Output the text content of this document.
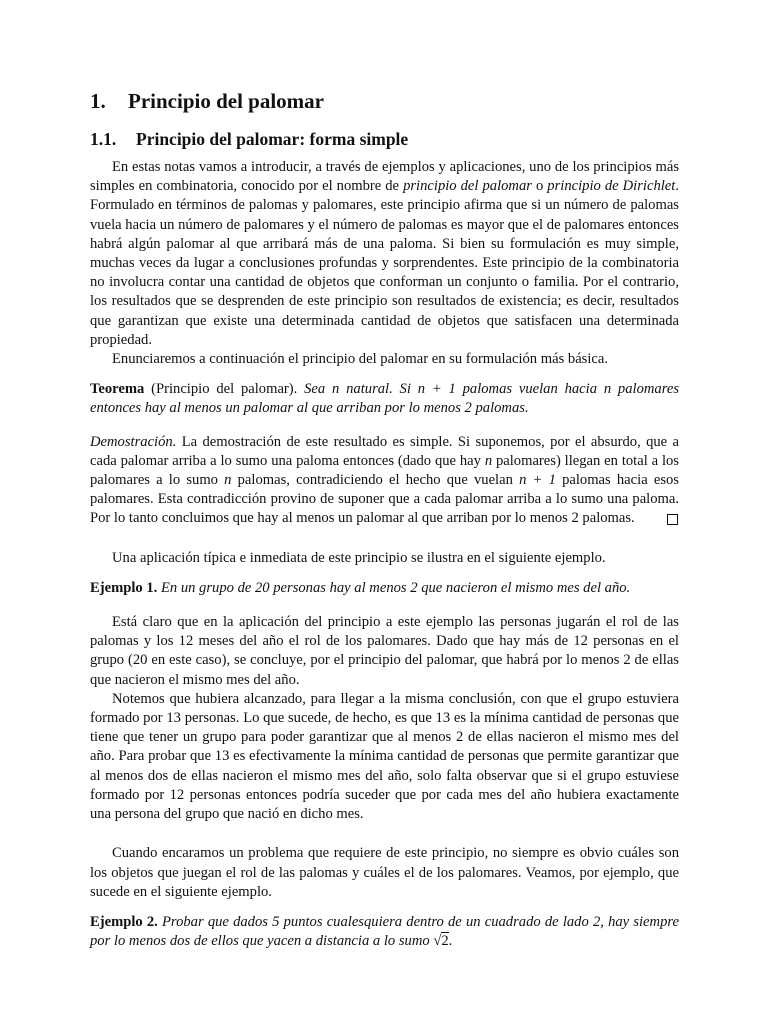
1. Principio del palomar
1.1. Principio del palomar: forma simple

En estas notas vamos a introducir, a través de ejemplos y aplicaciones, uno de los principios más simples en combinatoria, conocido por el nombre de principio del palomar o principio de Dirichlet. Formulado en términos de palomas y palomares, este principio afirma que si un número de palomas vuela hacia un número de palomares y el número de palomas es mayor que el de palomares entonces habrá algún palomar al que arribará más de una paloma. Si bien su formulación es muy simple, muchas veces da lugar a conclusiones profundas y sorprendentes. Este principio de la combinatoria no involucra contar una cantidad de objetos que conforman un conjunto o familia. Por el contrario, los resultados que se desprenden de este principio son resultados de existencia; es decir, resultados que garantizan que existe una determinada cantidad de objetos que satisfacen una determinada propiedad.

Enunciaremos a continuación el principio del palomar en su formulación más básica.

Teorema (Principio del palomar). Sea n natural. Si n + 1 palomas vuelan hacia n palomares entonces hay al menos un palomar al que arriban por lo menos 2 palomas.

Demostración. La demostración de este resultado es simple. Si suponemos, por el absurdo, que a cada palomar arriba a lo sumo una paloma entonces (dado que hay n palomares) llegan en total a los palomares a lo sumo n palomas, contradiciendo el hecho que vuelan n + 1 palomas hacia esos palomares. Esta contradicción provino de suponer que a cada palomar arriba a lo sumo una paloma. Por lo tanto concluimos que hay al menos un palomar al que arriban por lo menos 2 palomas.

Una aplicación típica e inmediata de este principio se ilustra en el siguiente ejemplo.

Ejemplo 1. En un grupo de 20 personas hay al menos 2 que nacieron el mismo mes del año.

Está claro que en la aplicación del principio a este ejemplo las personas jugarán el rol de las palomas y los 12 meses del año el rol de los palomares. Dado que hay más de 12 personas en el grupo (20 en este caso), se concluye, por el principio del palomar, que habrá por lo menos 2 de ellas que nacieron el mismo mes del año.

Notemos que hubiera alcanzado, para llegar a la misma conclusión, con que el grupo estuviera formado por 13 personas. Lo que sucede, de hecho, es que 13 es la mínima cantidad de personas que tiene que tener un grupo para poder garantizar que al menos 2 de ellas nacieron el mismo mes del año. Para probar que 13 es efectivamente la mínima cantidad de personas que permite garantizar que al menos dos de ellas nacieron el mismo mes del año, solo falta observar que si el grupo estuviese formado por 12 personas entonces podría suceder que por cada mes del año hubiera exactamente una persona del grupo que nació en dicho mes.

Cuando encaramos un problema que requiere de este principio, no siempre es obvio cuáles son los objetos que juegan el rol de las palomas y cuáles el de los palomares. Veamos, por ejemplo, que sucede en el siguiente ejemplo.

Ejemplo 2. Probar que dados 5 puntos cualesquiera dentro de un cuadrado de lado 2, hay siempre por lo menos dos de ellos que yacen a distancia a lo sumo √2.
